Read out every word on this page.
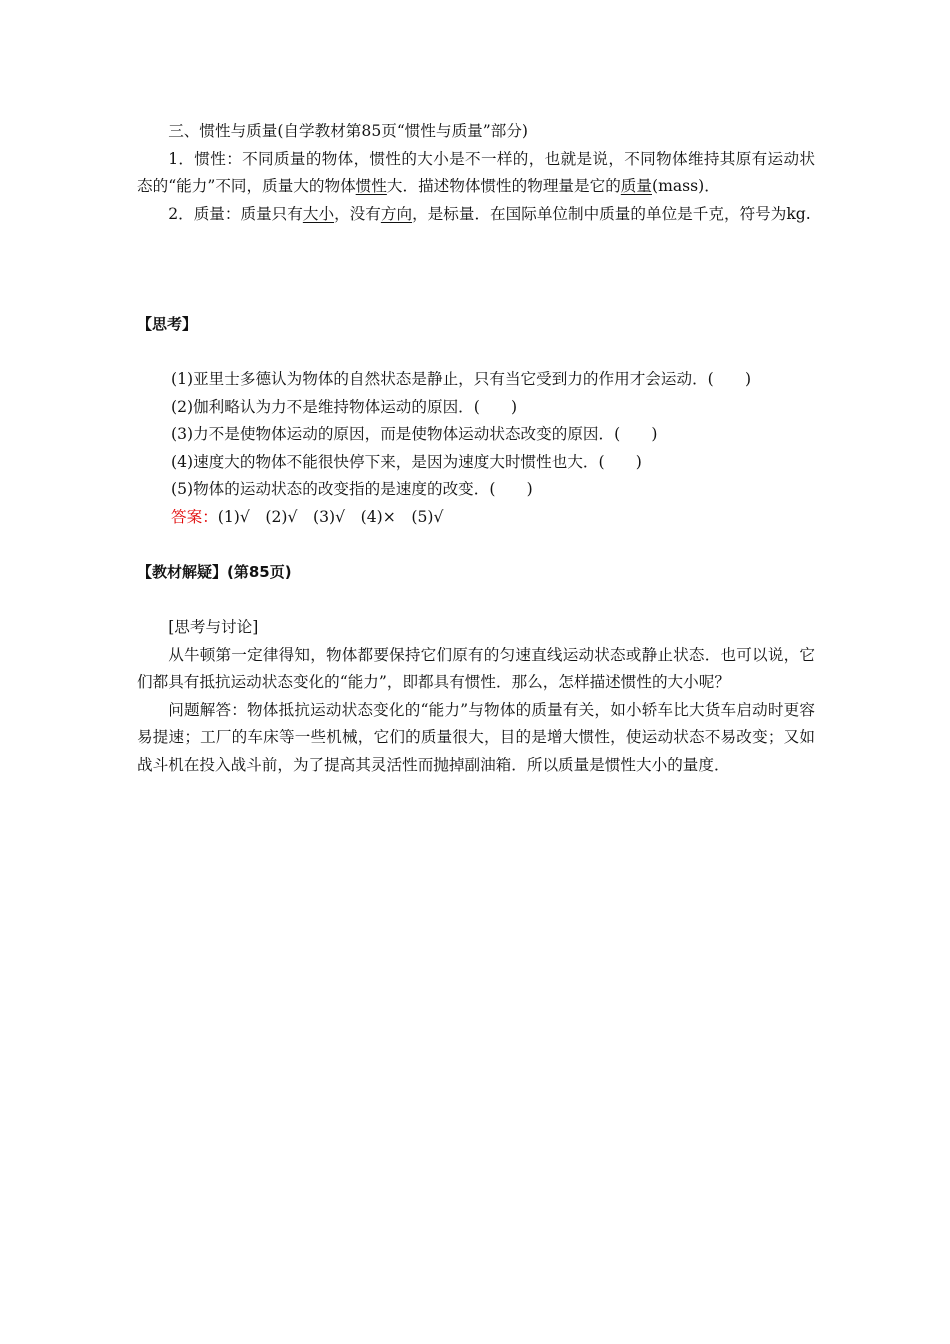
三、惯性与质量(自学教材第85页“惯性与质量”部分)

1．惯性：不同质量的物体，惯性的大小是不一样的，也就是说，不同物体维持其原有运动状态的“能力”不同，质量大的物体惯性大．描述物体惯性的物理量是它的质量(mass)．

2．质量：质量只有大小，没有方向，是标量．在国际单位制中质量的单位是千克，符号为kg.

【思考】

(1)亚里士多德认为物体的自然状态是静止，只有当它受到力的作用才会运动．(　　)

(2)伽利略认为力不是维持物体运动的原因．(　　)

(3)力不是使物体运动的原因，而是使物体运动状态改变的原因．(　　)

(4)速度大的物体不能很快停下来，是因为速度大时惯性也大．(　　)

(5)物体的运动状态的改变指的是速度的改变．(　　)

答案：(1)√　(2)√　(3)√　(4)×　(5)√

【教材解疑】(第85页)

[思考与讨论]

从牛顿第一定律得知，物体都要保持它们原有的匀速直线运动状态或静止状态．也可以说，它们都具有抵抗运动状态变化的“能力”，即都具有惯性．那么，怎样描述惯性的大小呢？

问题解答：物体抵抗运动状态变化的“能力”与物体的质量有关，如小轿车比大货车启动时更容易提速；工厂的车床等一些机械，它们的质量很大，目的是增大惯性，使运动状态不易改变；又如战斗机在投入战斗前，为了提高其灵活性而抛掉副油箱．所以质量是惯性大小的量度．
